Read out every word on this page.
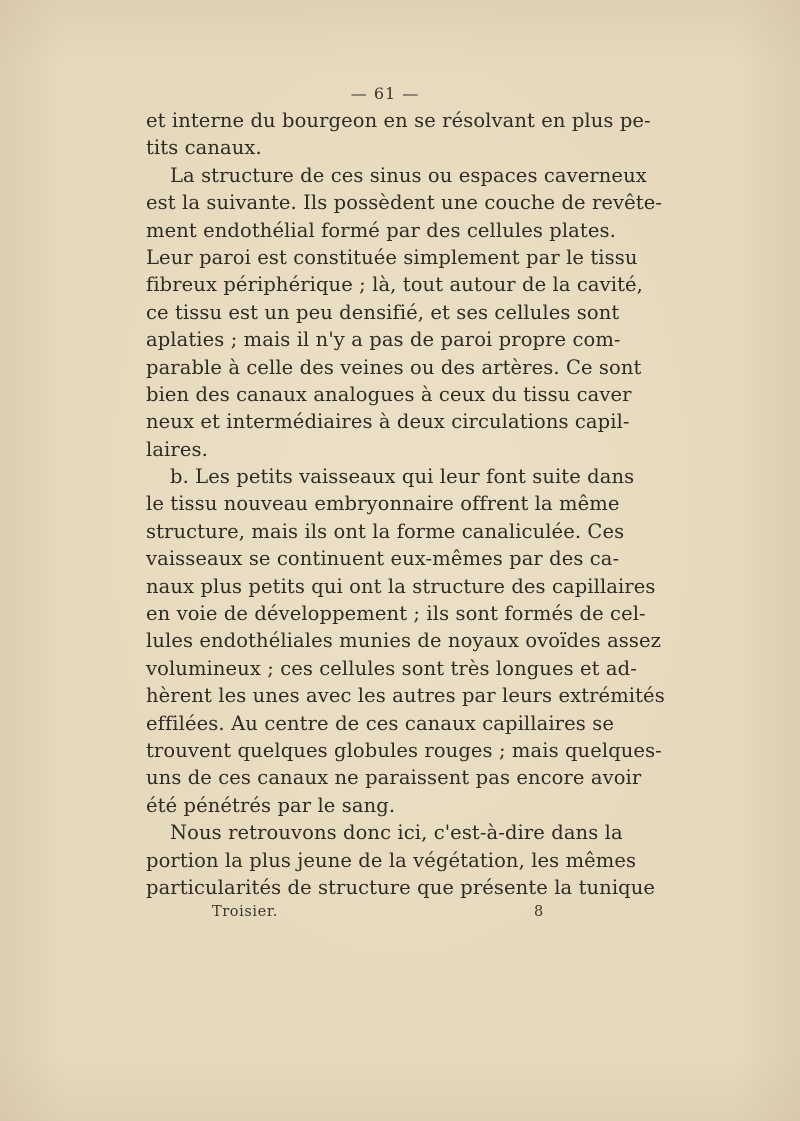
— 61 —
et interne du bourgeon en se résolvant en plus pe-
tits canaux.
La structure de ces sinus ou espaces caverneux
est la suivante. Ils possèdent une couche de revête-
ment endothélial formé par des cellules plates.
Leur paroi est constituée simplement par le tissu
fibreux périphérique ; là, tout autour de la cavité,
ce tissu est un peu densifié, et ses cellules sont
aplaties ; mais il n'y a pas de paroi propre com-
parable à celle des veines ou des artères. Ce sont
bien des canaux analogues à ceux du tissu caver
neux et intermédiaires à deux circulations capil-
laires.
b. Les petits vaisseaux qui leur font suite dans
le tissu nouveau embryonnaire offrent la même
structure, mais ils ont la forme canaliculée. Ces
vaisseaux se continuent eux-mêmes par des ca-
naux plus petits qui ont la structure des capillaires
en voie de développement ; ils sont formés de cel-
lules endothéliales munies de noyaux ovoïdes assez
volumineux ; ces cellules sont très longues et ad-
hèrent les unes avec les autres par leurs extrémités
effilées. Au centre de ces canaux capillaires se
trouvent quelques globules rouges ; mais quelques-
uns de ces canaux ne paraissent pas encore avoir
été pénétrés par le sang.
Nous retrouvons donc ici, c'est-à-dire dans la
portion la plus jeune de la végétation, les mêmes
particularités de structure que présente la tunique
Troisier.	8
